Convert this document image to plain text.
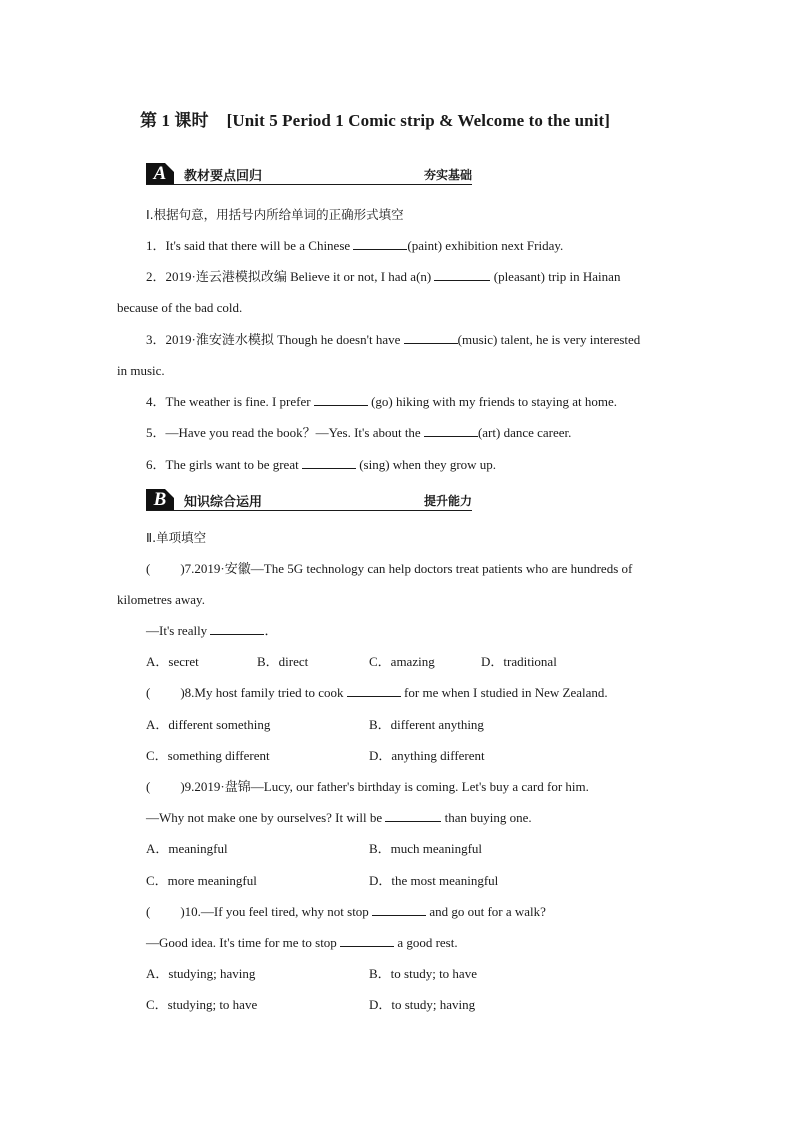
第 1 课时 [Unit 5 Period 1 Comic strip & Welcome to the unit]
A	教材要点回归	夯实基础
Ⅰ.根据句意，用括号内所给单词的正确形式填空
1．It's said that there will be a Chinese	(paint) exhibition next Friday.
2．2019·连云港模拟改编 Believe it or not, I had a(n)	(pleasant) trip in Hainan
because of the bad cold.
3．2019·淮安涟水模拟 Though he doesn't have	(music) talent, he is very interested
in music.
4．The weather is fine. I prefer	(go) hiking with my friends to staying at home.
5．—Have you read the book？—Yes. It's about the	(art) dance career.
6．The girls want to be great	(sing) when they grow up.
B	知识综合运用	提升能力
Ⅱ.单项填空
( )7.2019·安徽—The 5G technology can help doctors treat patients who are hundreds of
kilometres away.
—It's really	．
A．secret	B．direct	C．amazing	D．traditional
( )8.My host family tried to cook	for me when I studied in New Zealand.
A．different something	B．different anything
C．something different	D．anything different
( )9.2019·盘锦—Lucy, our father's birthday is coming. Let's buy a card for him.
—Why not make one by ourselves? It will be	than buying one.
A．meaningful	B．much meaningful
C．more meaningful	D．the most meaningful
( )10.—If you feel tired, why not stop	and go out for a walk?
—Good idea. It's time for me to stop	a good rest.
A．studying; having	B．to study; to have
C．studying; to have	D．to study; having
